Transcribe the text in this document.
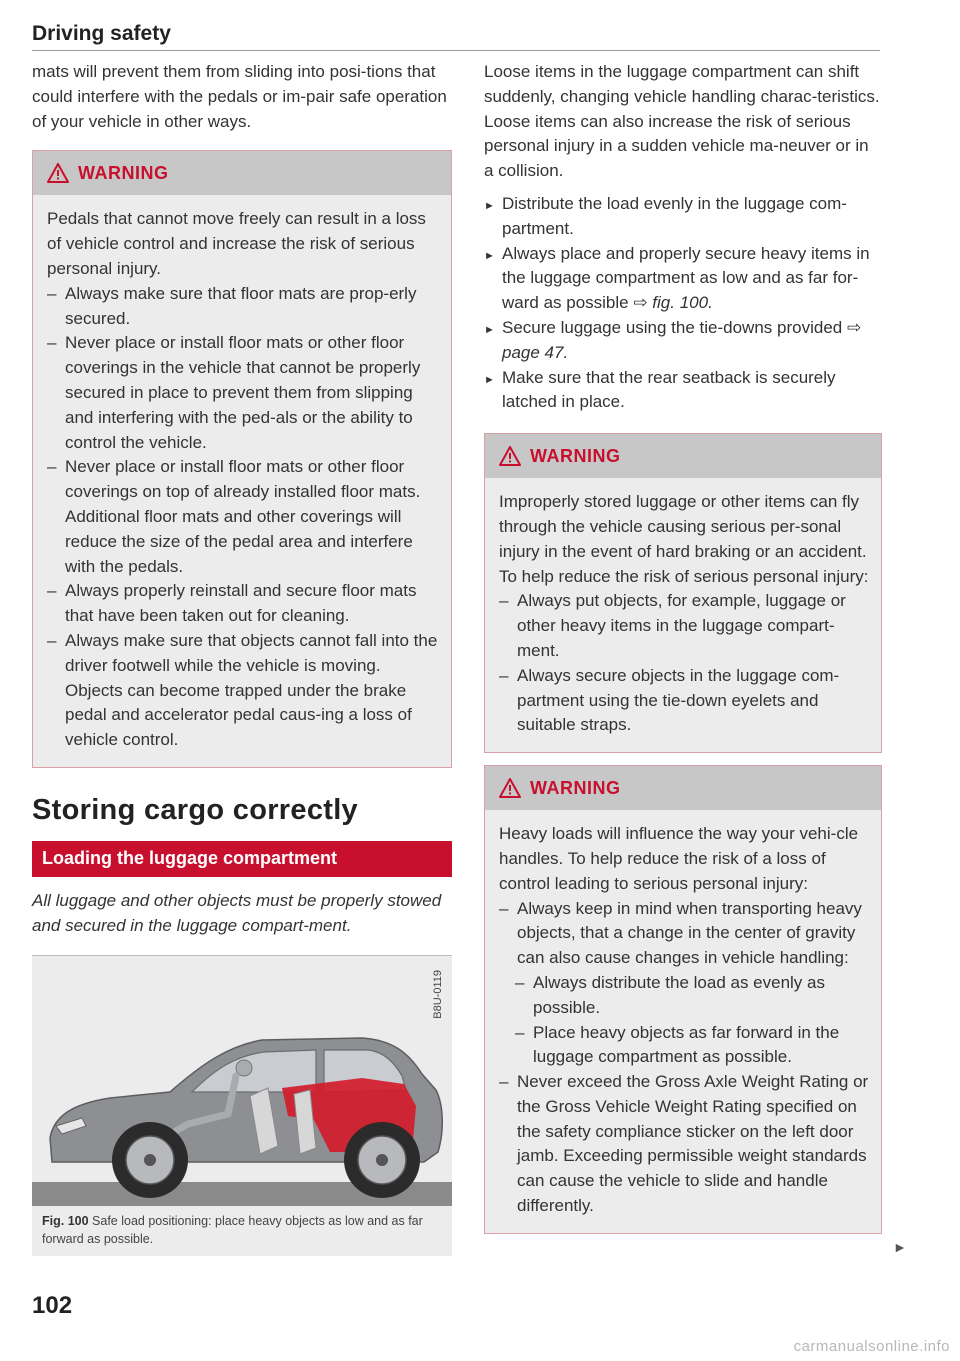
Driving safety

mats will prevent them from sliding into posi-tions that could interfere with the pedals or im-pair safe operation of your vehicle in other ways.

WARNING

Pedals that cannot move freely can result in a loss of vehicle control and increase the risk of serious personal injury.

– Always make sure that floor mats are prop-erly secured.

– Never place or install floor mats or other floor coverings in the vehicle that cannot be properly secured in place to prevent them from slipping and interfering with the ped-als or the ability to control the vehicle.

– Never place or install floor mats or other floor coverings on top of already installed floor mats. Additional floor mats and other coverings will reduce the size of the pedal area and interfere with the pedals.

– Always properly reinstall and secure floor mats that have been taken out for cleaning.

– Always make sure that objects cannot fall into the driver footwell while the vehicle is moving. Objects can become trapped under the brake pedal and accelerator pedal caus-ing a loss of vehicle control.

Storing cargo correctly
Loading the luggage compartment

All luggage and other objects must be properly stowed and secured in the luggage compart-ment.

B8U-0119
Fig. 100 Safe load positioning: place heavy objects as low and as far forward as possible.

Loose items in the luggage compartment can shift suddenly, changing vehicle handling charac-teristics. Loose items can also increase the risk of serious personal injury in a sudden vehicle ma-neuver or in a collision.

► Distribute the load evenly in the luggage com-partment.

► Always place and properly secure heavy items in the luggage compartment as low and as far for-ward as possible ⇨ fig. 100.

► Secure luggage using the tie-downs provided ⇨ page 47.

► Make sure that the rear seatback is securely latched in place.

WARNING

Improperly stored luggage or other items can fly through the vehicle causing serious per-sonal injury in the event of hard braking or an accident. To help reduce the risk of serious personal injury:

– Always put objects, for example, luggage or other heavy items in the luggage compart-ment.

– Always secure objects in the luggage com-partment using the tie-down eyelets and suitable straps.

WARNING

Heavy loads will influence the way your vehi-cle handles. To help reduce the risk of a loss of control leading to serious personal injury:

– Always keep in mind when transporting heavy objects, that a change in the center of gravity can also cause changes in vehicle handling:

– Always distribute the load as evenly as possible.

– Place heavy objects as far forward in the luggage compartment as possible.

– Never exceed the Gross Axle Weight Rating or the Gross Vehicle Weight Rating specified on the safety compliance sticker on the left door jamb. Exceeding permissible weight standards can cause the vehicle to slide and handle differently.

►
102
carmanualsonline.info
